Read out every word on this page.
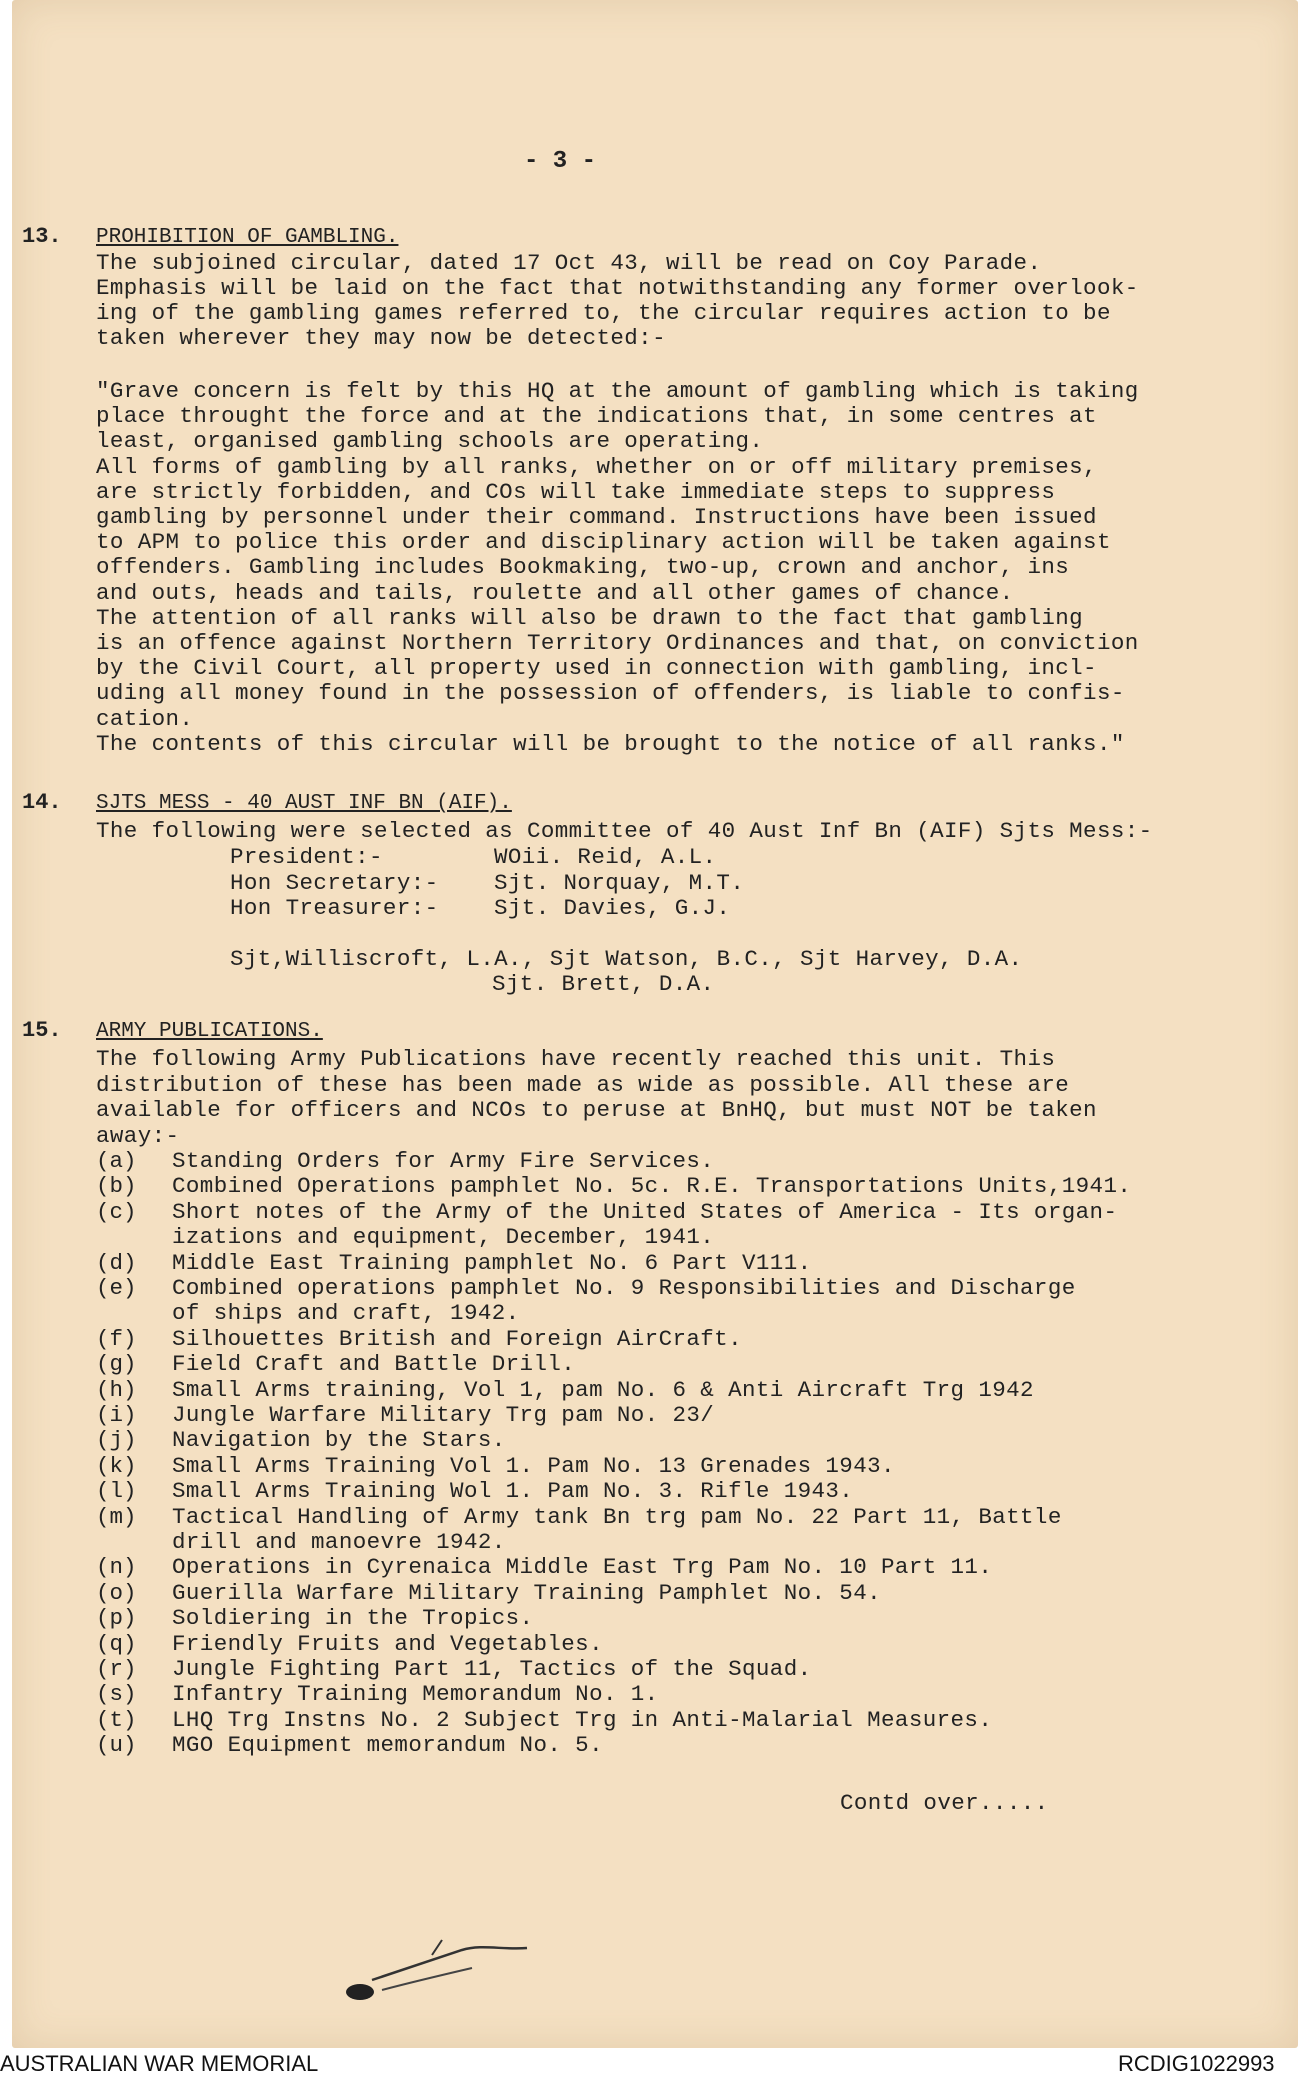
- 3 -
13. PROHIBITION OF GAMBLING.
The subjoined circular, dated 17 Oct 43, will be read on Coy Parade.
Emphasis will be laid on the fact that notwithstanding any former overlook-
ing of the gambling games referred to, the circular requires action to be
taken wherever they may now be detected:-
"Grave concern is felt by this HQ at the amount of gambling which is taking
place throught the force and at the indications that, in some centres at
least, organised gambling schools are operating.
All forms of gambling by all ranks, whether on or off military premises,
are strictly forbidden, and COs will take immediate steps to suppress
gambling by personnel under their command. Instructions have been issued
to APM to police this order and disciplinary action will be taken against
offenders. Gambling includes Bookmaking, two-up, crown and anchor, ins
and outs, heads and tails, roulette and all other games of chance.
The attention of all ranks will also be drawn to the fact that gambling
is an offence against Northern Territory Ordinances and that, on conviction
by the Civil Court, all property used in connection with gambling, incl-
uding all money found in the possession of offenders, is liable to confis-
cation.
The contents of this circular will be brought to the notice of all ranks."
14. SJTS MESS - 40 AUST INF BN (AIF).
The following were selected as Committee of 40 Aust Inf Bn (AIF) Sjts Mess:-
President:-	WOii. Reid, A.L.
Hon Secretary:- Sjt. Norquay, M.T.
Hon Treasurer:- Sjt. Davies, G.J.
Sjt,Williscroft, L.A., Sjt Watson, B.C., Sjt Harvey, D.A.
Sjt. Brett, D.A.
15. ARMY PUBLICATIONS.
The following Army Publications have recently reached this unit. This
distribution of these has been made as wide as possible. All these are
available for officers and NCOs to peruse at BnHQ, but must NOT be taken
away:-
(a) Standing Orders for Army Fire Services.
(b) Combined Operations pamphlet No. 5c. R.E. Transportations Units,1941.
(c) Short notes of the Army of the United States of America - Its organ-
izations and equipment, December, 1941.
(d) Middle East Training pamphlet No. 6 Part V111.
(e) Combined operations pamphlet No. 9 Responsibilities and Discharge
of ships and craft, 1942.
(f) Silhouettes British and Foreign AirCraft.
(g) Field Craft and Battle Drill.
(h) Small Arms training, Vol 1, pam No. 6 & Anti Aircraft Trg 1942
(i) Jungle Warfare Military Trg pam No. 23/
(j) Navigation by the Stars.
(k) Small Arms Training Vol 1. Pam No. 13 Grenades 1943.
(l) Small Arms Training Wol 1. Pam No. 3. Rifle 1943.
(m) Tactical Handling of Army tank Bn trg pam No. 22 Part 11, Battle
drill and manoevre 1942.
(n) Operations in Cyrenaica Middle East Trg Pam No. 10 Part 11.
(o) Guerilla Warfare Military Training Pamphlet No. 54.
(p) Soldiering in the Tropics.
(q) Friendly Fruits and Vegetables.
(r) Jungle Fighting Part 11, Tactics of the Squad.
(s) Infantry Training Memorandum No. 1.
(t) LHQ Trg Instns No. 2 Subject Trg in Anti-Malarial Measures.
(u) MGO Equipment memorandum No. 5.
Contd over.....
AUSTRALIAN WAR MEMORIAL	RCDIG1022993
